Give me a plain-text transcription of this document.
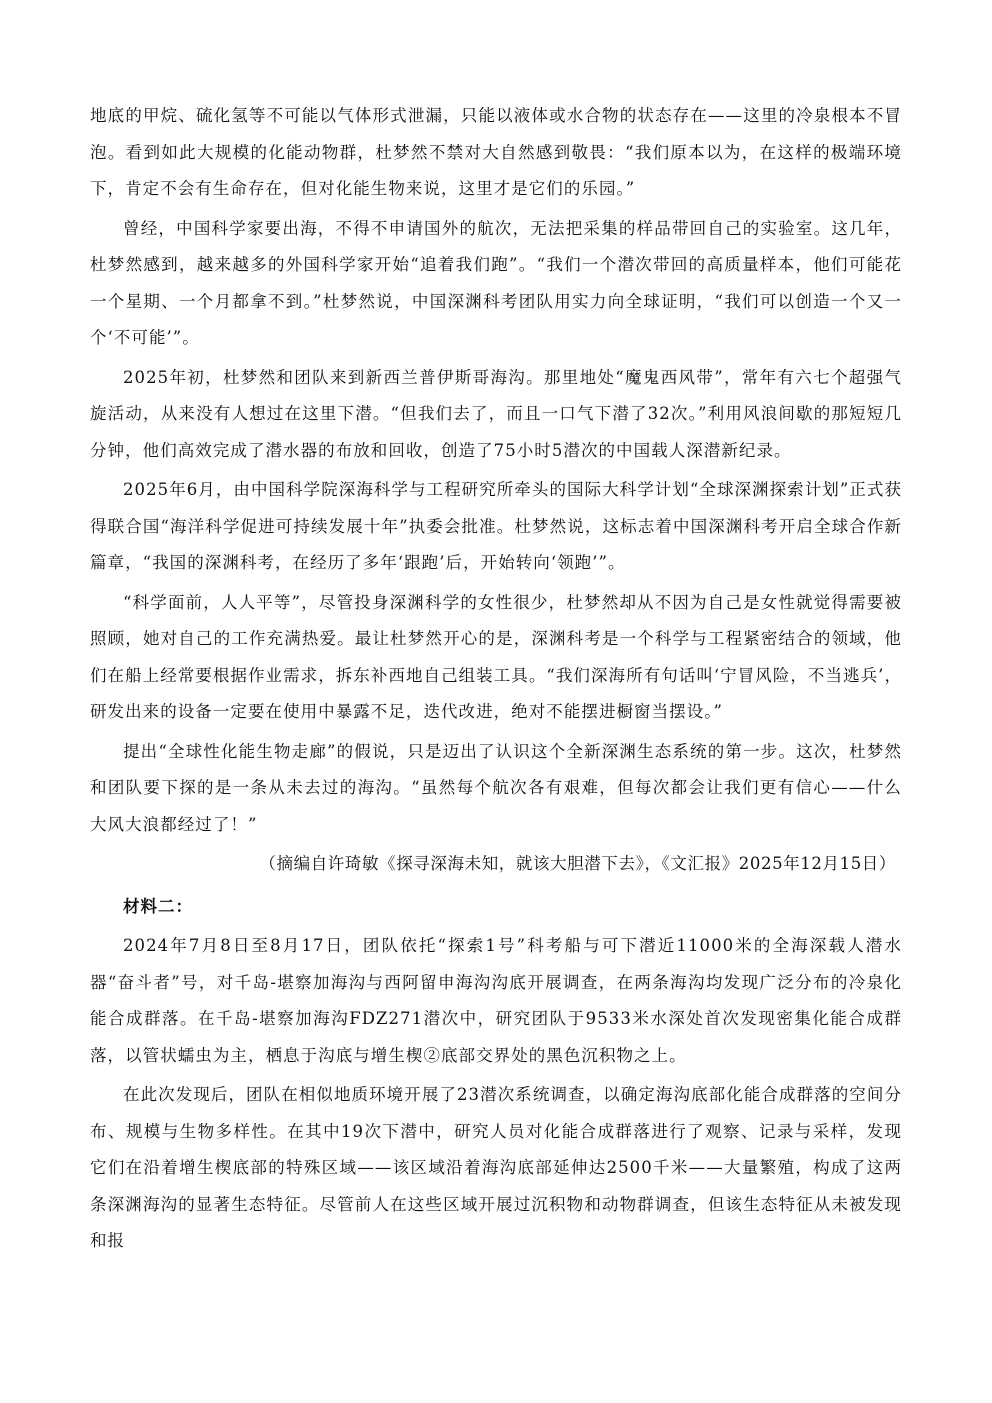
地底的甲烷、硫化氢等不可能以气体形式泄漏，只能以液体或水合物的状态存在——这里的冷泉根本不冒泡。看到如此大规模的化能动物群，杜梦然不禁对大自然感到敬畏：“我们原本以为，在这样的极端环境下，肯定不会有生命存在，但对化能生物来说，这里才是它们的乐园。”

曾经，中国科学家要出海，不得不申请国外的航次，无法把采集的样品带回自己的实验室。这几年，杜梦然感到，越来越多的外国科学家开始“追着我们跑”。“我们一个潜次带回的高质量样本，他们可能花一个星期、一个月都拿不到。”杜梦然说，中国深渊科考团队用实力向全球证明，“我们可以创造一个又一个‘不可能’”。

2025年初，杜梦然和团队来到新西兰普伊斯哥海沟。那里地处“魔鬼西风带”，常年有六七个超强气旋活动，从来没有人想过在这里下潜。“但我们去了，而且一口气下潜了32次。”利用风浪间歇的那短短几分钟，他们高效完成了潜水器的布放和回收，创造了75小时5潜次的中国载人深潜新纪录。

2025年6月，由中国科学院深海科学与工程研究所牵头的国际大科学计划“全球深渊探索计划”正式获得联合国“海洋科学促进可持续发展十年”执委会批准。杜梦然说，这标志着中国深渊科考开启全球合作新篇章，“我国的深渊科考，在经历了多年‘跟跑’后，开始转向‘领跑’”。

“科学面前，人人平等”，尽管投身深渊科学的女性很少，杜梦然却从不因为自己是女性就觉得需要被照顾，她对自己的工作充满热爱。最让杜梦然开心的是，深渊科考是一个科学与工程紧密结合的领域，他们在船上经常要根据作业需求，拆东补西地自己组装工具。“我们深海所有句话叫‘宁冒风险，不当逃兵’，研发出来的设备一定要在使用中暴露不足，迭代改进，绝对不能摆进橱窗当摆设。”

提出“全球性化能生物走廊”的假说，只是迈出了认识这个全新深渊生态系统的第一步。这次，杜梦然和团队要下探的是一条从未去过的海沟。“虽然每个航次各有艰难，但每次都会让我们更有信心——什么大风大浪都经过了！”

（摘编自许琦敏《探寻深海未知，就该大胆潜下去》，《文汇报》2025年12月15日）

材料二：

2024年7月8日至8月17日，团队依托“探索1号”科考船与可下潜近11000米的全海深载人潜水器“奋斗者”号，对千岛-堪察加海沟与西阿留申海沟沟底开展调查，在两条海沟均发现广泛分布的冷泉化能合成群落。在千岛-堪察加海沟FDZ271潜次中，研究团队于9533米水深处首次发现密集化能合成群落，以管状蠕虫为主，栖息于沟底与增生楔②底部交界处的黑色沉积物之上。

在此次发现后，团队在相似地质环境开展了23潜次系统调查，以确定海沟底部化能合成群落的空间分布、规模与生物多样性。在其中19次下潜中，研究人员对化能合成群落进行了观察、记录与采样，发现它们在沿着增生楔底部的特殊区域——该区域沿着海沟底部延伸达2500千米——大量繁殖，构成了这两条深渊海沟的显著生态特征。尽管前人在这些区域开展过沉积物和动物群调查，但该生态特征从未被发现和报
